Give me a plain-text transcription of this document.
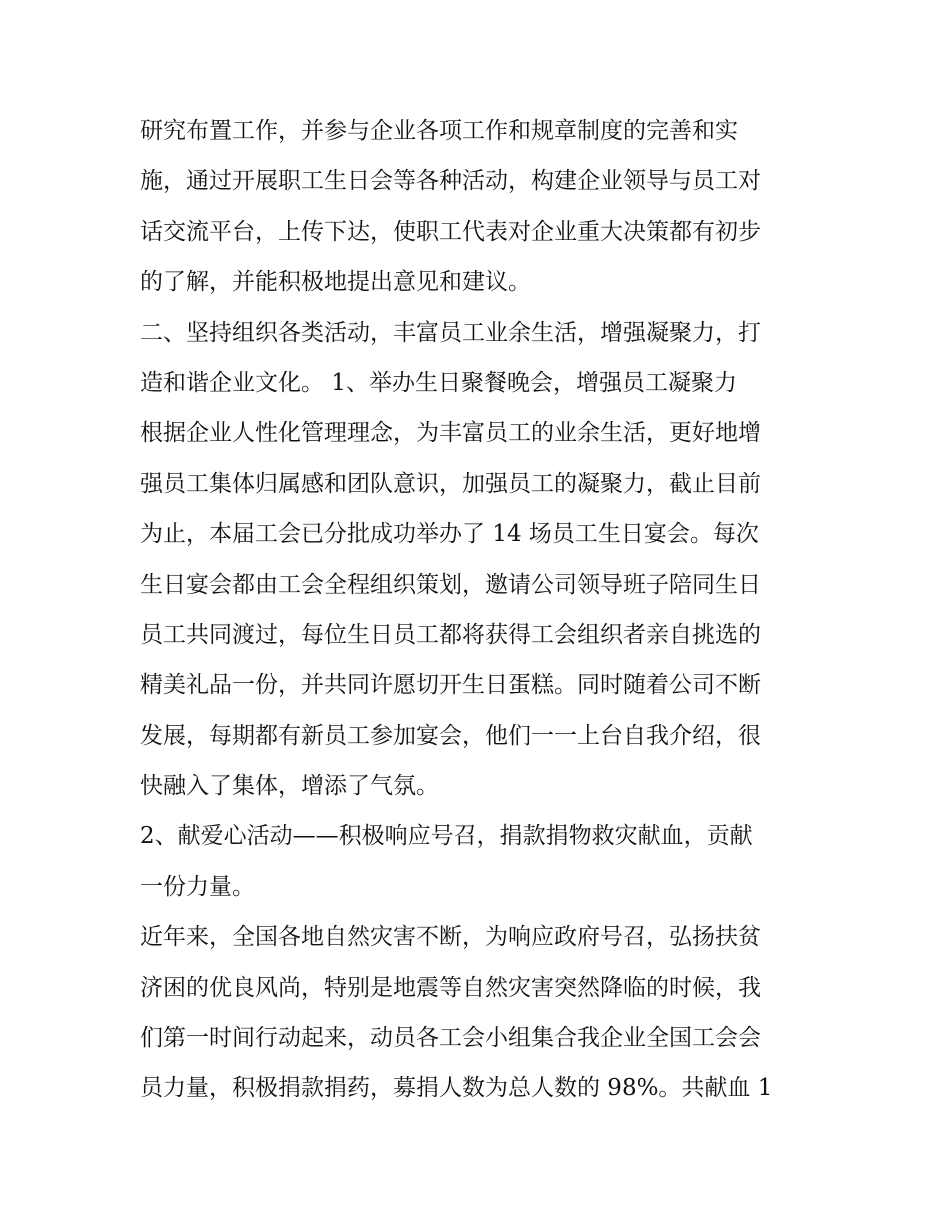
研究布置工作，并参与企业各项工作和规章制度的完善和实
施，通过开展职工生日会等各种活动，构建企业领导与员工对
话交流平台，上传下达，使职工代表对企业重大决策都有初步
的了解，并能积极地提出意见和建议。
二、坚持组织各类活动，丰富员工业余生活，增强凝聚力，打
造和谐企业文化。 1、举办生日聚餐晚会，增强员工凝聚力
根据企业人性化管理理念，为丰富员工的业余生活，更好地增
强员工集体归属感和团队意识，加强员工的凝聚力，截止目前
为止，本届工会已分批成功举办了 14 场员工生日宴会。每次
生日宴会都由工会全程组织策划，邀请公司领导班子陪同生日
员工共同渡过，每位生日员工都将获得工会组织者亲自挑选的
精美礼品一份，并共同许愿切开生日蛋糕。同时随着公司不断
发展，每期都有新员工参加宴会，他们一一上台自我介绍，很
快融入了集体，增添了气氛。
2、献爱心活动——积极响应号召，捐款捐物救灾献血，贡献
一份力量。
近年来，全国各地自然灾害不断，为响应政府号召，弘扬扶贫
济困的优良风尚，特别是地震等自然灾害突然降临的时候，我
们第一时间行动起来，动员各工会小组集合我企业全国工会会
员力量，积极捐款捐药，募捐人数为总人数的 98%。共献血 1
